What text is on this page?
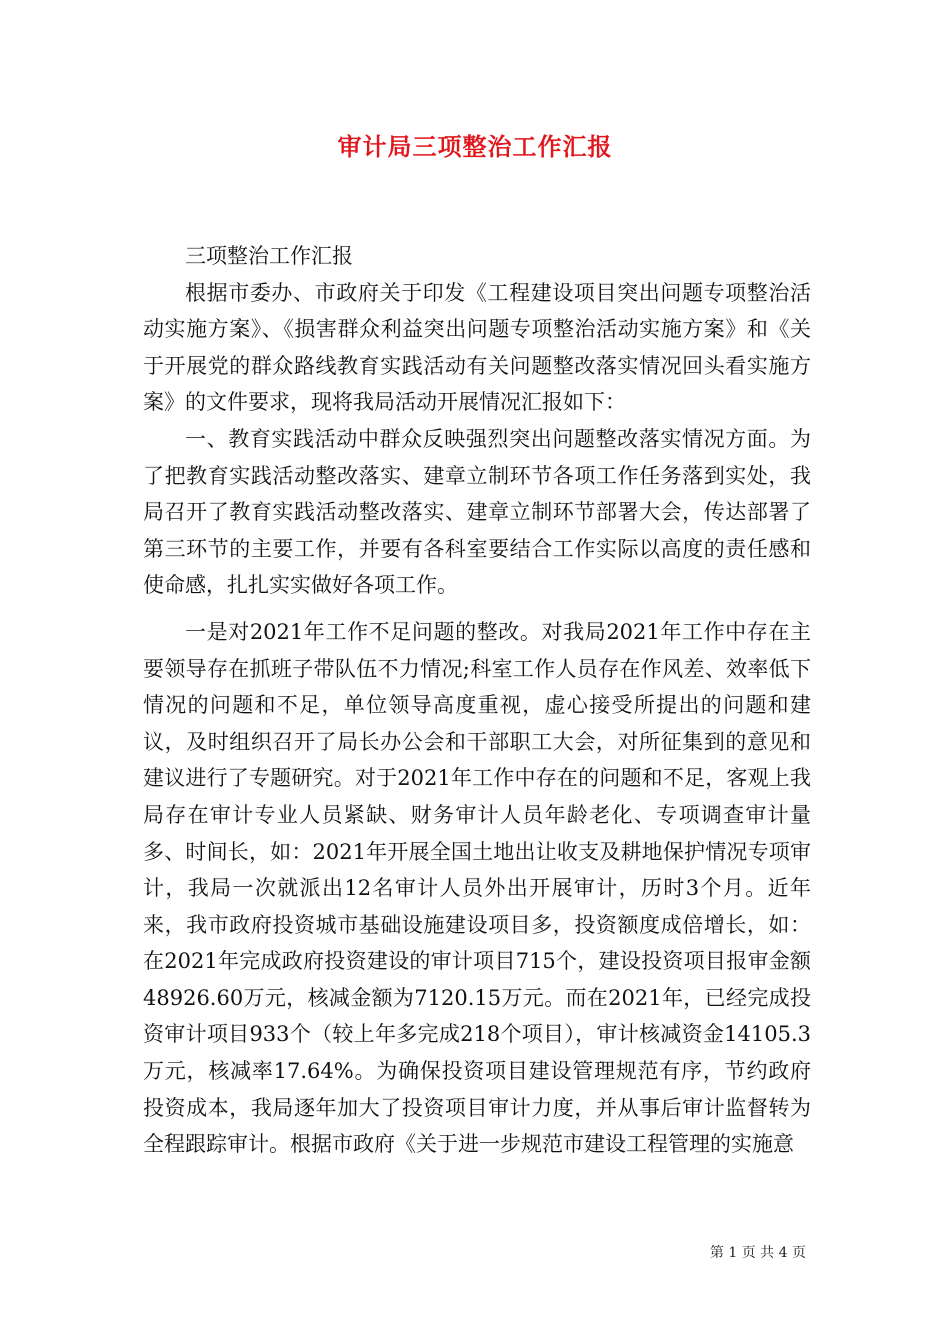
审计局三项整治工作汇报

三项整治工作汇报

根据市委办、市政府关于印发《工程建设项目突出问题专项整治活动实施方案》、《损害群众利益突出问题专项整治活动实施方案》和《关于开展党的群众路线教育实践活动有关问题整改落实情况回头看实施方案》的文件要求，现将我局活动开展情况汇报如下：

一、教育实践活动中群众反映强烈突出问题整改落实情况方面。为了把教育实践活动整改落实、建章立制环节各项工作任务落到实处，我局召开了教育实践活动整改落实、建章立制环节部署大会，传达部署了第三环节的主要工作，并要有各科室要结合工作实际以高度的责任感和使命感，扎扎实实做好各项工作。

一是对2021年工作不足问题的整改。对我局2021年工作中存在主要领导存在抓班子带队伍不力情况;科室工作人员存在作风差、效率低下情况的问题和不足，单位领导高度重视，虚心接受所提出的问题和建议，及时组织召开了局长办公会和干部职工大会，对所征集到的意见和建议进行了专题研究。对于2021年工作中存在的问题和不足，客观上我局存在审计专业人员紧缺、财务审计人员年龄老化、专项调查审计量多、时间长，如：2021年开展全国土地出让收支及耕地保护情况专项审计，我局一次就派出12名审计人员外出开展审计，历时3个月。近年来，我市政府投资城市基础设施建设项目多，投资额度成倍增长，如：在2021年完成政府投资建设的审计项目715个，建设投资项目报审金额48926.60万元，核减金额为7120.15万元。而在2021年，已经完成投资审计项目933个（较上年多完成218个项目），审计核减资金14105.3万元，核减率17.64%。为确保投资项目建设管理规范有序，节约政府投资成本，我局逐年加大了投资项目审计力度，并从事后审计监督转为全程跟踪审计。根据市政府《关于进一步规范市建设工程管理的实施意

第 1 页 共 4 页
